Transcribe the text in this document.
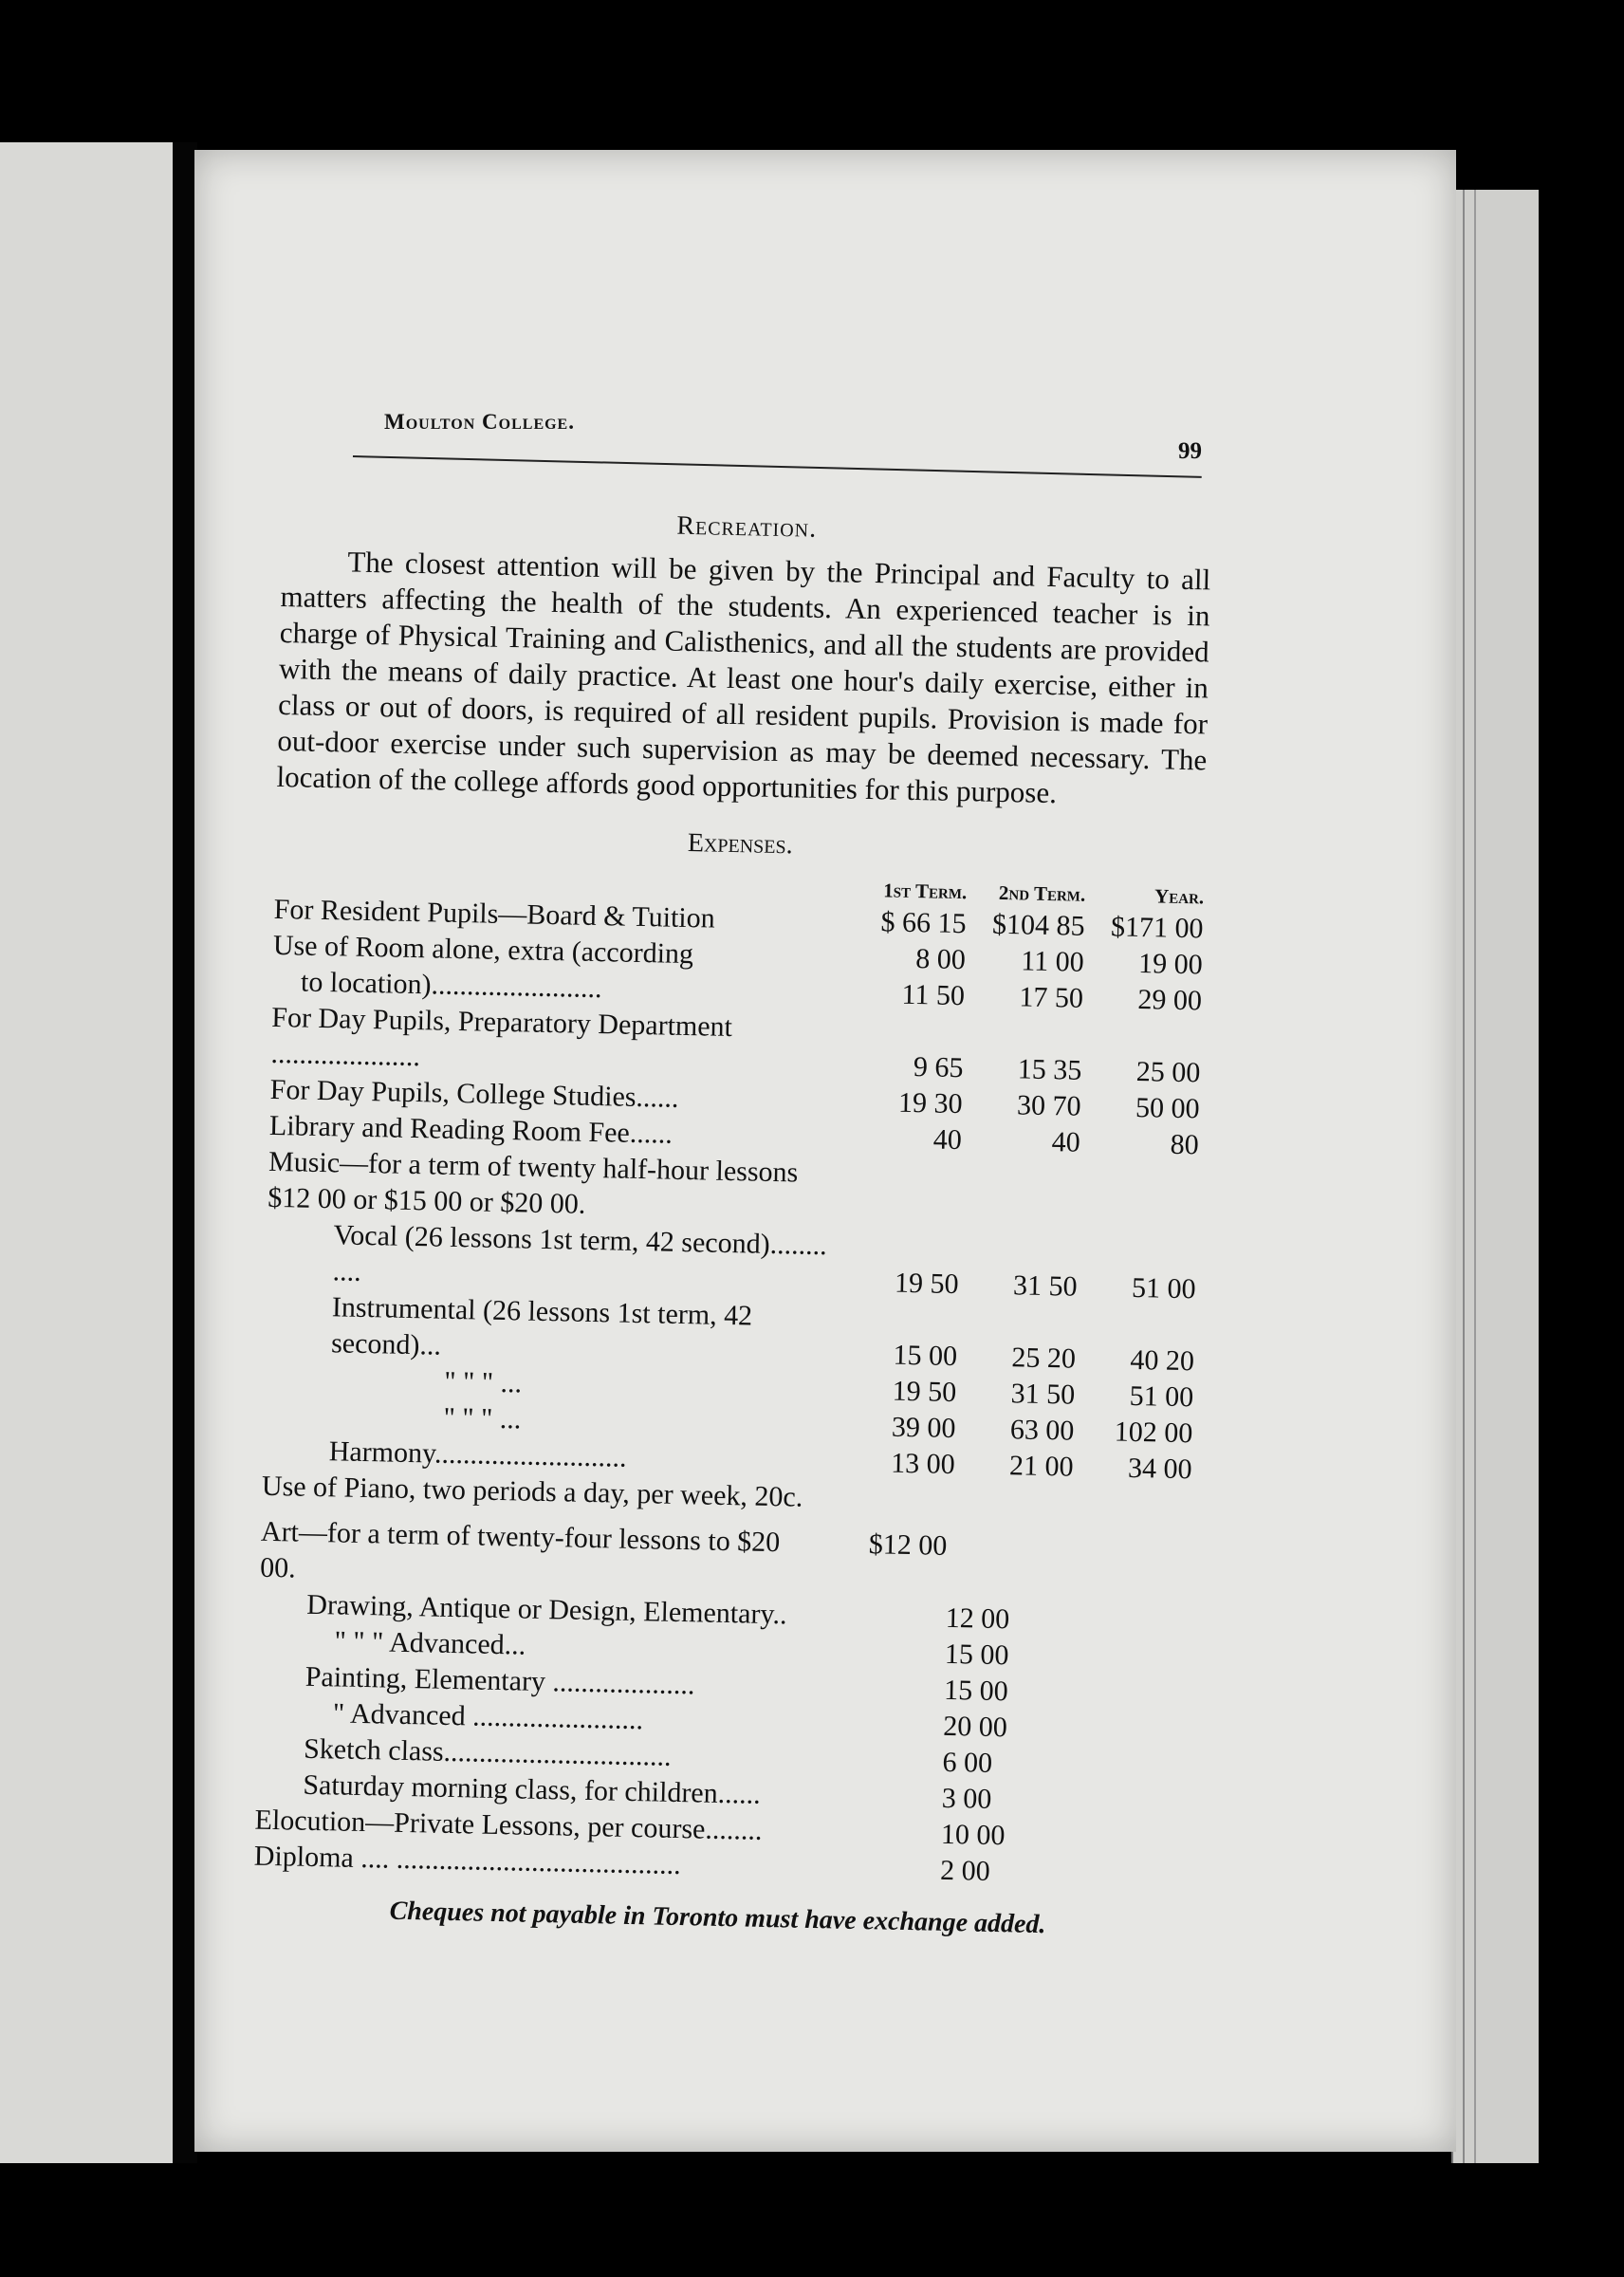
Moulton College.
99
Recreation.

The closest attention will be given by the Principal and Faculty to all matters affecting the health of the students. An experienced teacher is in charge of Physical Training and Calisthenics, and all the students are provided with the means of daily practice. At least one hour's daily exercise, either in class or out of doors, is required of all resident pupils. Provision is made for out-door exercise under such supervision as may be deemed necessary. The location of the college affords good opportunities for this purpose.

Expenses.
	1st Term.	2nd Term.	Year.
For Resident Pupils—Board & Tuition	$ 66 15	$104 85	$171 00
Use of Room alone, extra (according	8 00	11 00	19 00
to location)........................	11 50	17 50	29 00
For Day Pupils, Preparatory Department .....................	9 65	15 35	25 00
For Day Pupils, College Studies......	19 30	30 70	50 00
Library and Reading Room Fee......	40	40	80
Music—for a term of twenty half-hour lessons $12 00 or $15 00 or $20 00.			
Vocal (26 lessons 1st term, 42 second)........ ....	19 50	31 50	51 00
Instrumental (26 lessons 1st term, 42 second)...	15 00	25 20	40 20
" " " ...	19 50	31 50	51 00
" " " ...	39 00	63 00	102 00
Harmony...........................	13 00	21 00	34 00
Use of Piano, two periods a day, per week, 20c.			
Art—for a term of twenty-four lessons to $20 00.	$12 00		
Drawing, Antique or Design, Elementary..		12 00	
" " " Advanced...		15 00	
Painting, Elementary ....................		15 00	
" Advanced ........................		20 00	
Sketch class................................		6 00	
Saturday morning class, for children......		3 00	
Elocution—Private Lessons, per course........		10 00	
Diploma .... ........................................		2 00	
Cheques not payable in Toronto must have exchange added.
